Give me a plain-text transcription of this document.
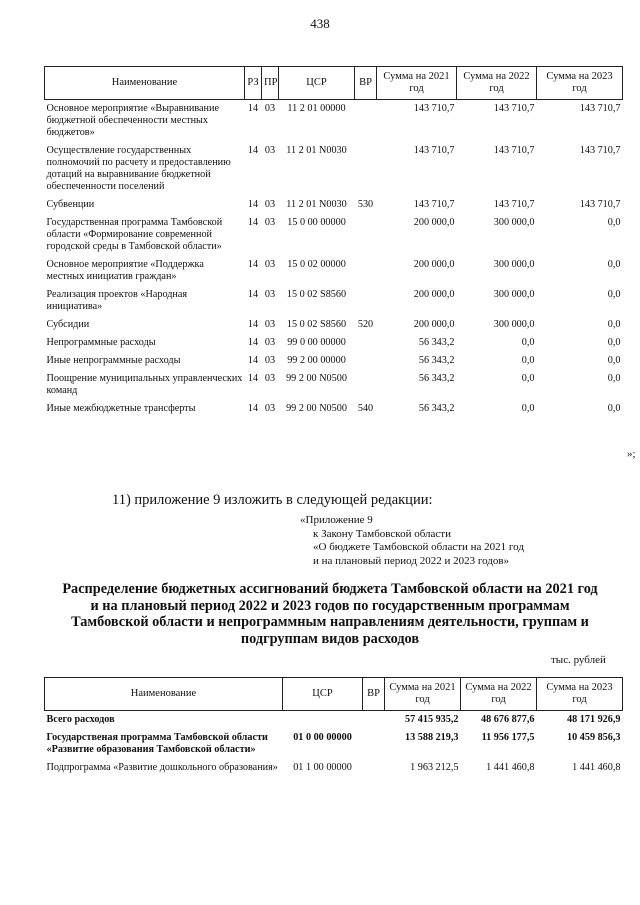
438
Наименование	РЗ	ПР	ЦСР	ВР	Сумма на 2021 год	Сумма на 2022 год	Сумма на 2023 год
Основное мероприятие «Выравнивание бюджетной обеспеченности местных бюджетов»	14	03	11 2 01 00000		143 710,7	143 710,7	143 710,7
Осуществление государственных полномочий по расчету и предоставлению дотаций на выравнивание бюджетной обеспеченности поселений	14	03	11 2 01 N0030		143 710,7	143 710,7	143 710,7
Субвенции	14	03	11 2 01 N0030	530	143 710,7	143 710,7	143 710,7
Государственная программа Тамбовской области «Формирование современной городской среды в Тамбовской области»	14	03	15 0 00 00000		200 000,0	300 000,0	0,0
Основное мероприятие «Поддержка местных инициатив граждан»	14	03	15 0 02 00000		200 000,0	300 000,0	0,0
Реализация проектов «Народная инициатива»	14	03	15 0 02 S8560		200 000,0	300 000,0	0,0
Субсидии	14	03	15 0 02 S8560	520	200 000,0	300 000,0	0,0
Непрограммные расходы	14	03	99 0 00 00000		56 343,2	0,0	0,0
Иные непрограммные расходы	14	03	99 2 00 00000		56 343,2	0,0	0,0
Поощрение муниципальных управленческих команд	14	03	99 2 00 N0500		56 343,2	0,0	0,0
Иные межбюджетные трансферты	14	03	99 2 00 N0500	540	56 343,2	0,0	0,0
»;
11) приложение 9 изложить в следующей редакции:
«Приложение 9
к Закону Тамбовской области
«О бюджете Тамбовской области на 2021 год
и на плановый период 2022 и 2023 годов»
Распределение бюджетных ассигнований бюджета Тамбовской области на 2021 год и на плановый период 2022 и 2023 годов по государственным программам Тамбовской области и непрограммным направлениям деятельности, группам и подгруппам видов расходов
тыс. рублей
Наименование	ЦСР	ВР	Сумма на 2021 год	Сумма на 2022 год	Сумма на 2023 год
Всего расходов			57 415 935,2	48 676 877,6	48 171 926,9
Государственая программа Тамбовской области «Развитие образования Тамбовской области»	01 0 00 00000		13 588 219,3	11 956 177,5	10 459 856,3
Подпрограмма «Развитие дошкольного образования»	01 1 00 00000		1 963 212,5	1 441 460,8	1 441 460,8
